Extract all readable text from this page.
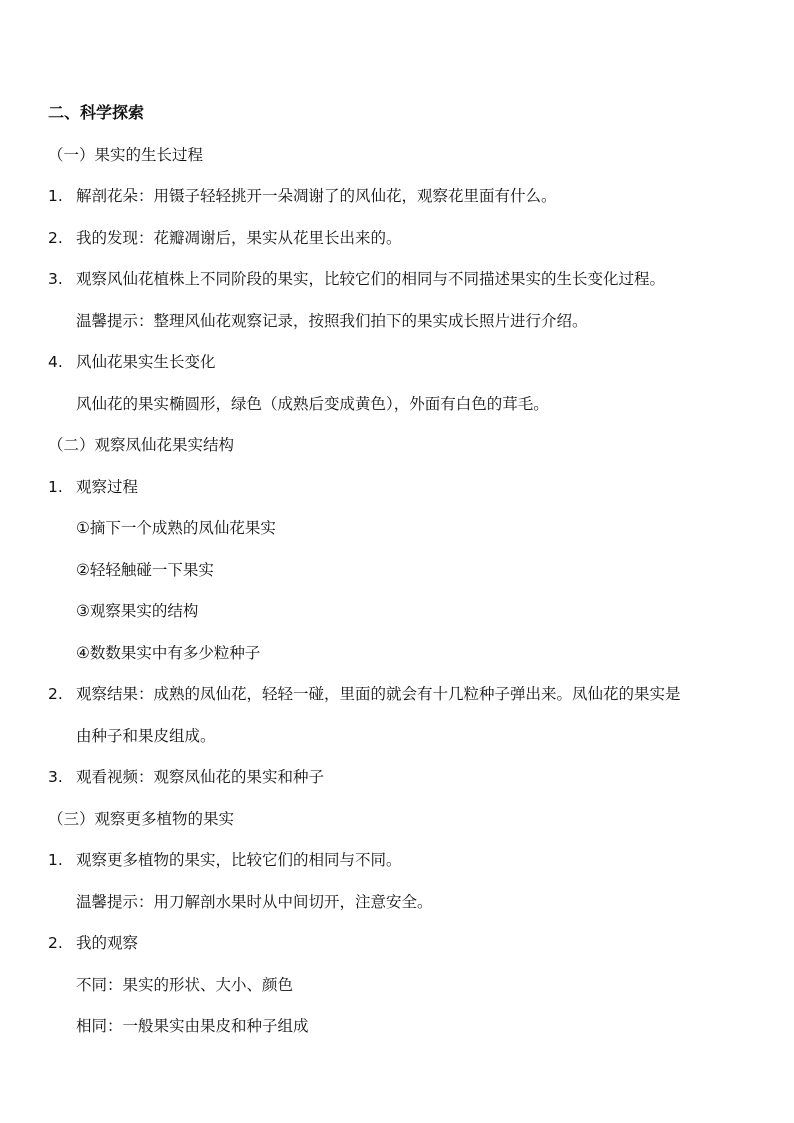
二、科学探索
（一）果实的生长过程
1. 解剖花朵：用镊子轻轻挑开一朵凋谢了的风仙花，观察花里面有什么。
2. 我的发现：花瓣凋谢后，果实从花里长出来的。
3. 观察风仙花植株上不同阶段的果实，比较它们的相同与不同描述果实的生长变化过程。
温馨提示：整理风仙花观察记录，按照我们拍下的果实成长照片进行介绍。
4. 风仙花果实生长变化
风仙花的果实椭圆形，绿色（成熟后变成黄色），外面有白色的茸毛。
（二）观察凤仙花果实结构
1. 观察过程
①摘下一个成熟的凤仙花果实
②轻轻触碰一下果实
③观察果实的结构
④数数果实中有多少粒种子
2. 观察结果：成熟的凤仙花，轻轻一碰，里面的就会有十几粒种子弹出来。凤仙花的果实是
由种子和果皮组成。
3. 观看视频：观察凤仙花的果实和种子
（三）观察更多植物的果实
1. 观察更多植物的果实，比较它们的相同与不同。
温馨提示：用刀解剖水果时从中间切开，注意安全。
2. 我的观察
不同：果实的形状、大小、颜色
相同：一般果实由果皮和种子组成
